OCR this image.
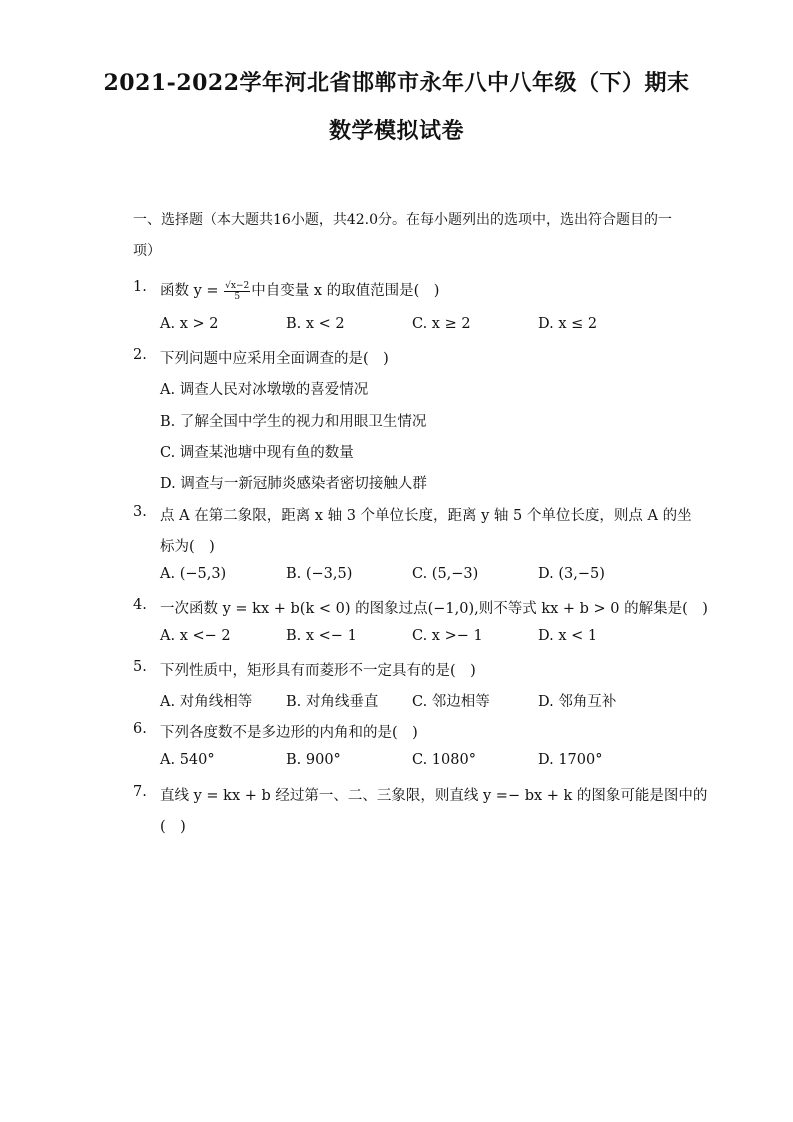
2021-2022学年河北省邯郸市永年八中八年级（下）期末
数学模拟试卷
一、选择题（本大题共16小题，共42.0分。在每小题列出的选项中，选出符合题目的一项）
1. 函数 $y = \frac{√x-2}{5}$ 中自变量 x 的取值范围是(　)
A. x > 2	B. x < 2	C. x ≥ 2	D. x ≤ 2
2. 下列问题中应采用全面调查的是(　)
A. 调查人民对冰墩墩的喜爱情况
B. 了解全国中学生的视力和用眼卫生情况
C. 调查某池塘中现有鱼的数量
D. 调查与一新冠肺炎感染者密切接触人群
3. 点 A 在第二象限，距离 x 轴 3 个单位长度，距离 y 轴 5 个单位长度，则点 A 的坐
标为(　)
A. (−5,3)	B. (−3,5)	C. (5,−3)	D. (3,−5)
4. 一次函数 y = kx + b(k < 0) 的图象过点(−1,0),则不等式 kx + b > 0 的解集是(　)
A. x <− 2	B. x <− 1	C. x >− 1	D. x < 1
5. 下列性质中，矩形具有而菱形不一定具有的是(　)
A. 对角线相等 B. 对角线垂直 C. 邻边相等	D. 邻角互补
6. 下列各度数不是多边形的内角和的是(　)
A. 540°	B. 900°	C. 1080°	D. 1700°
7. 直线 y = kx + b 经过第一、二、三象限，则直线 y =− bx + k 的图象可能是图中的
(　)
